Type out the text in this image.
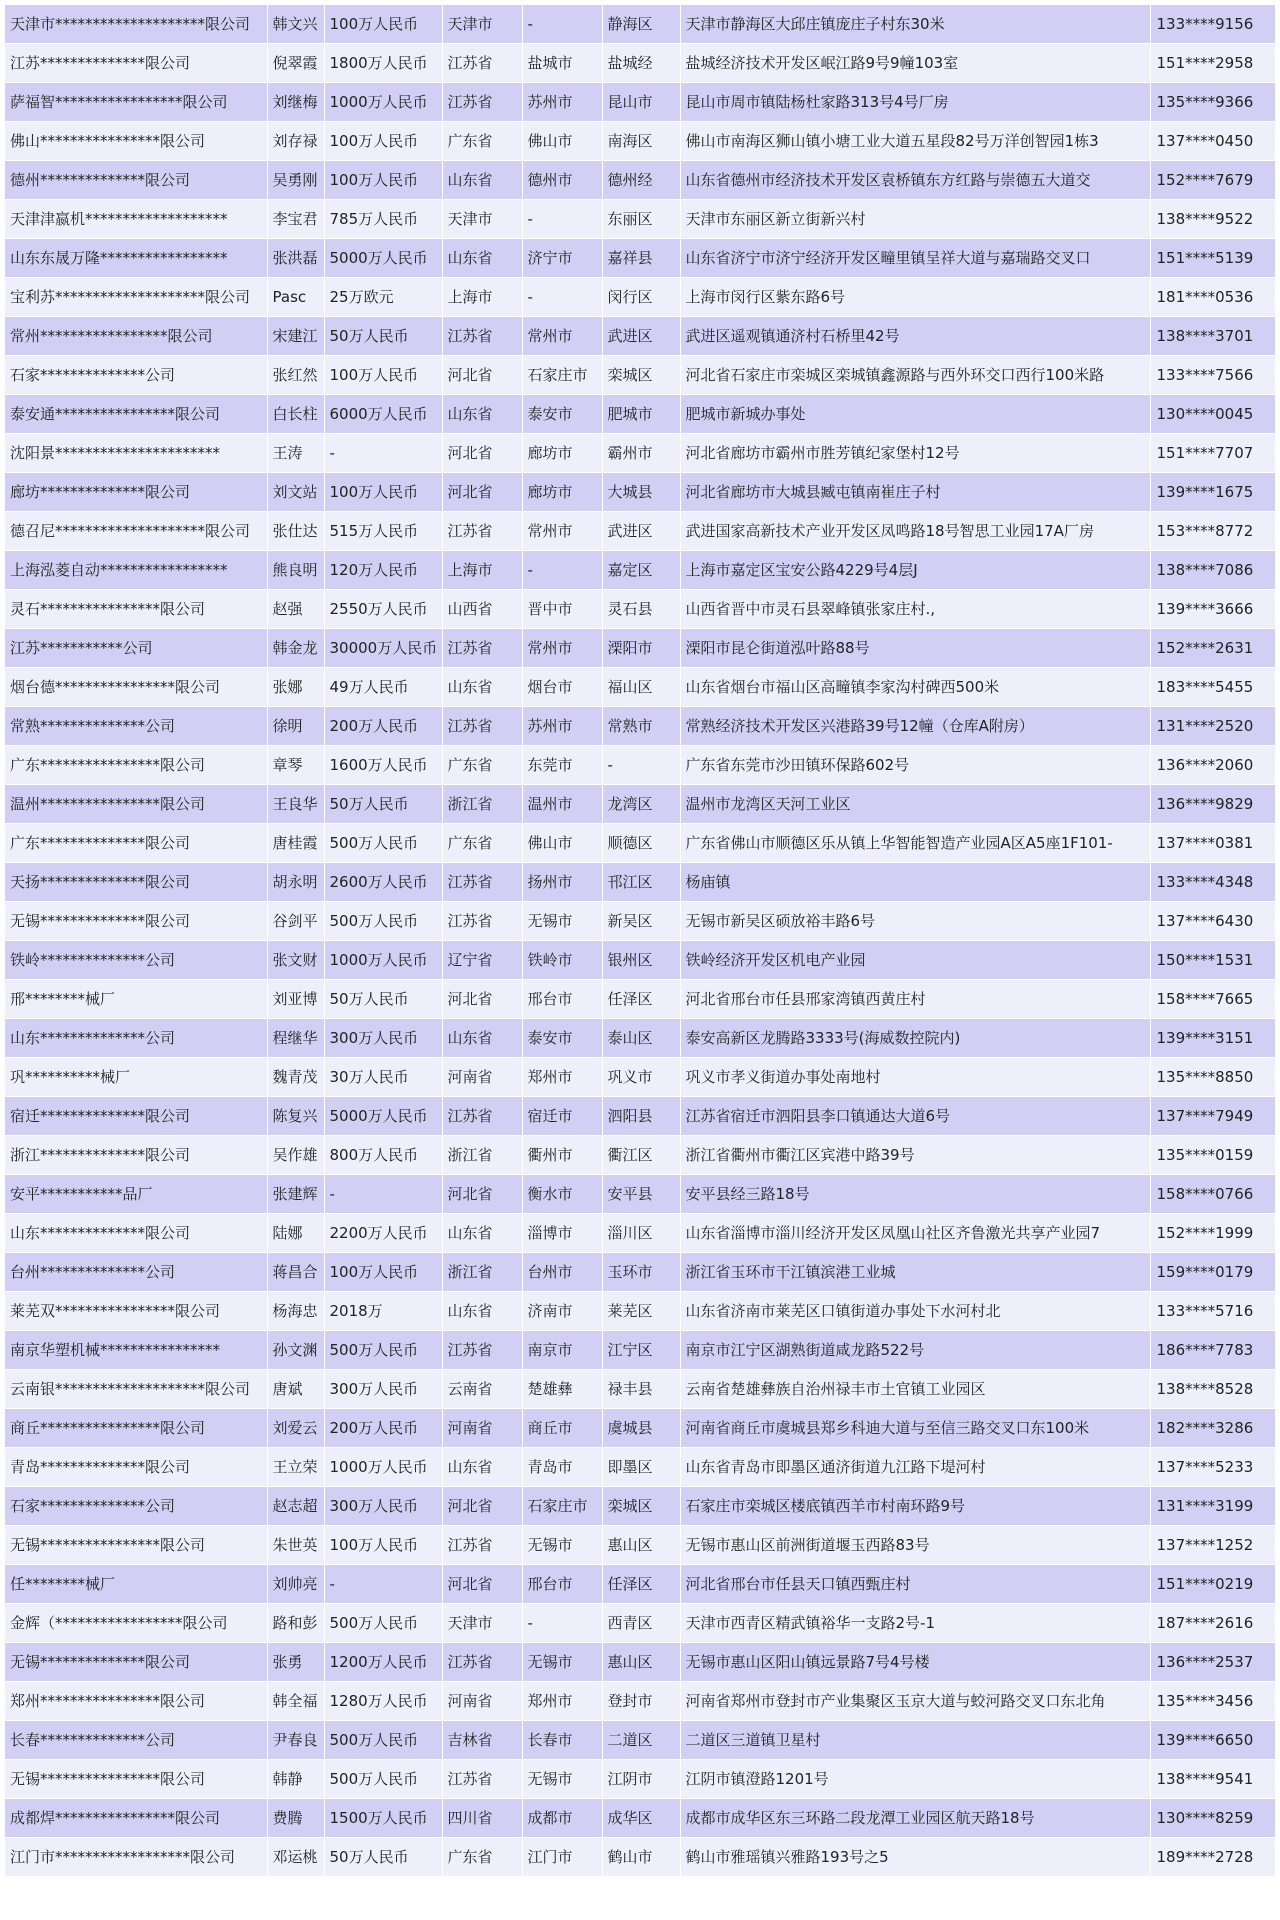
天津市********************限公司	韩文兴	100万人民币	天津市	-	静海区	天津市静海区大邱庄镇庞庄子村东30米	133****9156
江苏**************限公司	倪翠霞	1800万人民币	江苏省	盐城市	盐城经	盐城经济技术开发区岷江路9号9幢103室	151****2958
萨福智*****************限公司	刘继梅	1000万人民币	江苏省	苏州市	昆山市	昆山市周市镇陆杨杜家路313号4号厂房	135****9366
佛山****************限公司	刘存禄	100万人民币	广东省	佛山市	南海区	佛山市南海区狮山镇小塘工业大道五星段82号万洋创智园1栋3	137****0450
德州**************限公司	吴勇刚	100万人民币	山东省	德州市	德州经	山东省德州市经济技术开发区袁桥镇东方红路与崇德五大道交	152****7679
天津津嬴机*******************	李宝君	785万人民币	天津市	-	东丽区	天津市东丽区新立街新兴村	138****9522
山东东晟万隆*****************	张洪磊	5000万人民币	山东省	济宁市	嘉祥县	山东省济宁市济宁经济开发区疃里镇呈祥大道与嘉瑞路交叉口	151****5139
宝利苏********************限公司	Pasc	25万欧元	上海市	-	闵行区	上海市闵行区紫东路6号	181****0536
常州*****************限公司	宋建江	50万人民币	江苏省	常州市	武进区	武进区遥观镇通济村石桥里42号	138****3701
石家**************公司	张红然	100万人民币	河北省	石家庄市	栾城区	河北省石家庄市栾城区栾城镇鑫源路与西外环交口西行100米路	133****7566
泰安通****************限公司	白长柱	6000万人民币	山东省	泰安市	肥城市	肥城市新城办事处	130****0045
沈阳景**********************	王涛	-	河北省	廊坊市	霸州市	河北省廊坊市霸州市胜芳镇纪家堡村12号	151****7707
廊坊**************限公司	刘文站	100万人民币	河北省	廊坊市	大城县	河北省廊坊市大城县臧屯镇南崔庄子村	139****1675
德召尼********************限公司	张仕达	515万人民币	江苏省	常州市	武进区	武进国家高新技术产业开发区凤鸣路18号智思工业园17A厂房	153****8772
上海泓菱自动*****************	熊良明	120万人民币	上海市	-	嘉定区	上海市嘉定区宝安公路4229号4层J	138****7086
灵石****************限公司	赵强	2550万人民币	山西省	晋中市	灵石县	山西省晋中市灵石县翠峰镇张家庄村.,	139****3666
江苏***********公司	韩金龙	30000万人民币	江苏省	常州市	溧阳市	溧阳市昆仑街道泓叶路88号	152****2631
烟台德****************限公司	张娜	49万人民币	山东省	烟台市	福山区	山东省烟台市福山区高疃镇李家沟村碑西500米	183****5455
常熟**************公司	徐明	200万人民币	江苏省	苏州市	常熟市	常熟经济技术开发区兴港路39号12幢（仓库A附房）	131****2520
广东****************限公司	章琴	1600万人民币	广东省	东莞市	-	广东省东莞市沙田镇环保路602号	136****2060
温州****************限公司	王良华	50万人民币	浙江省	温州市	龙湾区	温州市龙湾区天河工业区	136****9829
广东**************限公司	唐桂霞	500万人民币	广东省	佛山市	顺德区	广东省佛山市顺德区乐从镇上华智能智造产业园A区A5座1F101-	137****0381
天扬**************限公司	胡永明	2600万人民币	江苏省	扬州市	邗江区	杨庙镇	133****4348
无锡**************限公司	谷剑平	500万人民币	江苏省	无锡市	新吴区	无锡市新吴区硕放裕丰路6号	137****6430
铁岭**************公司	张文财	1000万人民币	辽宁省	铁岭市	银州区	铁岭经济开发区机电产业园	150****1531
邢********械厂	刘亚博	50万人民币	河北省	邢台市	任泽区	河北省邢台市任县邢家湾镇西黄庄村	158****7665
山东**************公司	程继华	300万人民币	山东省	泰安市	泰山区	泰安高新区龙腾路3333号(海威数控院内)	139****3151
巩**********械厂	魏青茂	30万人民币	河南省	郑州市	巩义市	巩义市孝义街道办事处南地村	135****8850
宿迁**************限公司	陈复兴	5000万人民币	江苏省	宿迁市	泗阳县	江苏省宿迁市泗阳县李口镇通达大道6号	137****7949
浙江**************限公司	吴作雄	800万人民币	浙江省	衢州市	衢江区	浙江省衢州市衢江区宾港中路39号	135****0159
安平***********品厂	张建辉	-	河北省	衡水市	安平县	安平县经三路18号	158****0766
山东**************限公司	陆娜	2200万人民币	山东省	淄博市	淄川区	山东省淄博市淄川经济开发区凤凰山社区齐鲁激光共享产业园7	152****1999
台州**************公司	蒋昌合	100万人民币	浙江省	台州市	玉环市	浙江省玉环市干江镇滨港工业城	159****0179
莱芜双****************限公司	杨海忠	2018万	山东省	济南市	莱芜区	山东省济南市莱芜区口镇街道办事处下水河村北	133****5716
南京华塑机械****************	孙文渊	500万人民币	江苏省	南京市	江宁区	南京市江宁区湖熟街道咸龙路522号	186****7783
云南银********************限公司	唐斌	300万人民币	云南省	楚雄彝	禄丰县	云南省楚雄彝族自治州禄丰市土官镇工业园区	138****8528
商丘****************限公司	刘爱云	200万人民币	河南省	商丘市	虞城县	河南省商丘市虞城县郑乡科迪大道与至信三路交叉口东100米	182****3286
青岛**************限公司	王立荣	1000万人民币	山东省	青岛市	即墨区	山东省青岛市即墨区通济街道九江路下堤河村	137****5233
石家**************公司	赵志超	300万人民币	河北省	石家庄市	栾城区	石家庄市栾城区楼底镇西羊市村南环路9号	131****3199
无锡****************限公司	朱世英	100万人民币	江苏省	无锡市	惠山区	无锡市惠山区前洲街道堰玉西路83号	137****1252
任********械厂	刘帅亮	-	河北省	邢台市	任泽区	河北省邢台市任县天口镇西甄庄村	151****0219
金辉（*****************限公司	路和彭	500万人民币	天津市	-	西青区	天津市西青区精武镇裕华一支路2号-1	187****2616
无锡**************限公司	张勇	1200万人民币	江苏省	无锡市	惠山区	无锡市惠山区阳山镇远景路7号4号楼	136****2537
郑州****************限公司	韩全福	1280万人民币	河南省	郑州市	登封市	河南省郑州市登封市产业集聚区玉京大道与蛟河路交叉口东北角	135****3456
长春**************公司	尹春良	500万人民币	吉林省	长春市	二道区	二道区三道镇卫星村	139****6650
无锡****************限公司	韩静	500万人民币	江苏省	无锡市	江阴市	江阴市镇澄路1201号	138****9541
成都焊****************限公司	费腾	1500万人民币	四川省	成都市	成华区	成都市成华区东三环路二段龙潭工业园区航天路18号	130****8259
江门市******************限公司	邓运桃	50万人民币	广东省	江门市	鹤山市	鹤山市雅瑶镇兴雅路193号之5	189****2728
